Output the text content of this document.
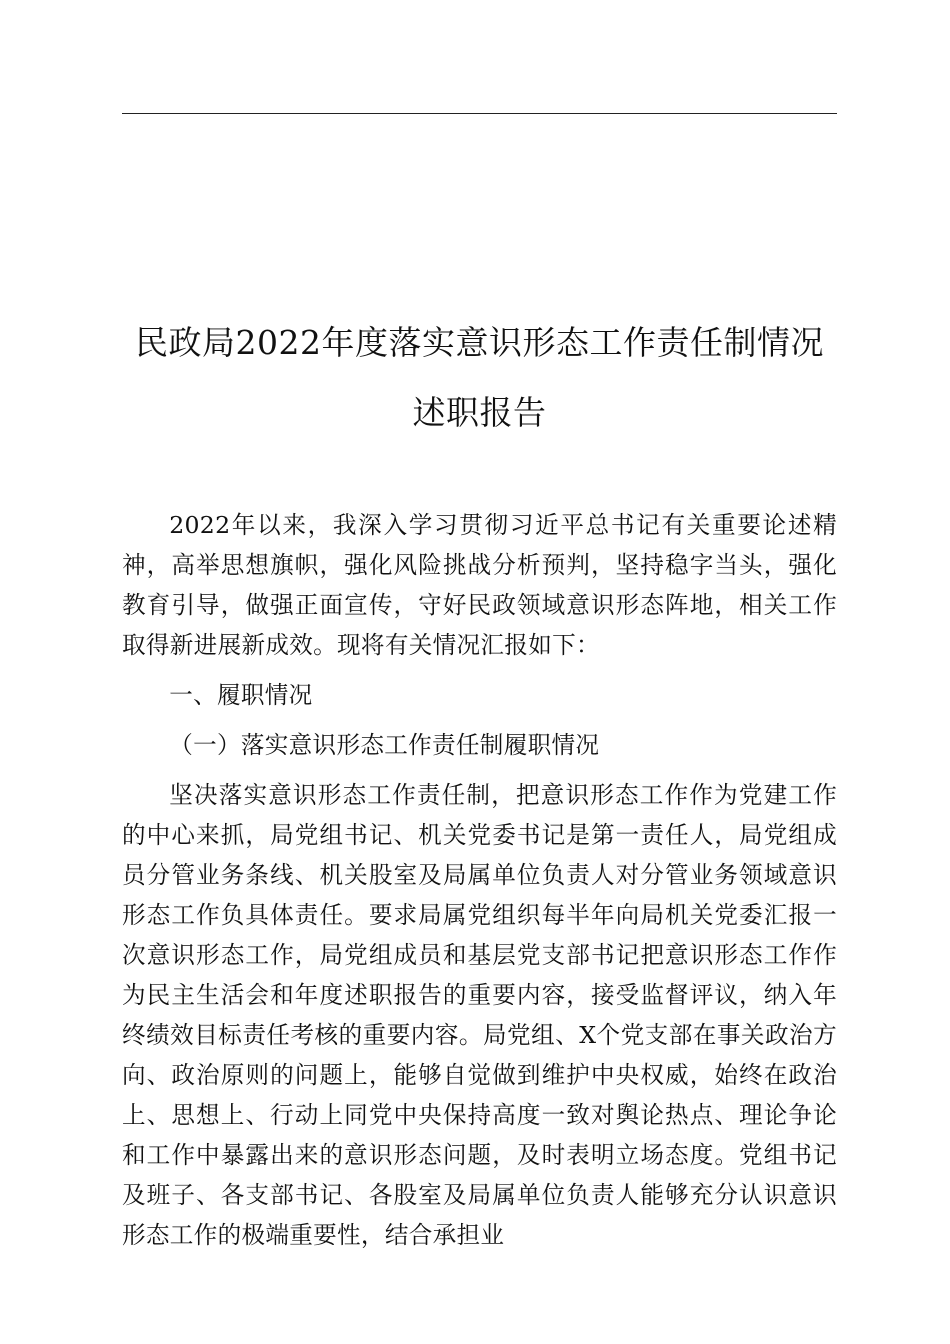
民政局2022年度落实意识形态工作责任制情况述职报告

2022年以来，我深入学习贯彻习近平总书记有关重要论述精神，高举思想旗帜，强化风险挑战分析预判，坚持稳字当头，强化教育引导，做强正面宣传，守好民政领域意识形态阵地，相关工作取得新进展新成效。现将有关情况汇报如下：

一、履职情况

（一）落实意识形态工作责任制履职情况

坚决落实意识形态工作责任制，把意识形态工作作为党建工作的中心来抓，局党组书记、机关党委书记是第一责任人，局党组成员分管业务条线、机关股室及局属单位负责人对分管业务领域意识形态工作负具体责任。要求局属党组织每半年向局机关党委汇报一次意识形态工作，局党组成员和基层党支部书记把意识形态工作作为民主生活会和年度述职报告的重要内容，接受监督评议，纳入年终绩效目标责任考核的重要内容。局党组、X个党支部在事关政治方向、政治原则的问题上，能够自觉做到维护中央权威，始终在政治上、思想上、行动上同党中央保持高度一致对舆论热点、理论争论和工作中暴露出来的意识形态问题，及时表明立场态度。党组书记及班子、各支部书记、各股室及局属单位负责人能够充分认识意识形态工作的极端重要性，结合承担业
